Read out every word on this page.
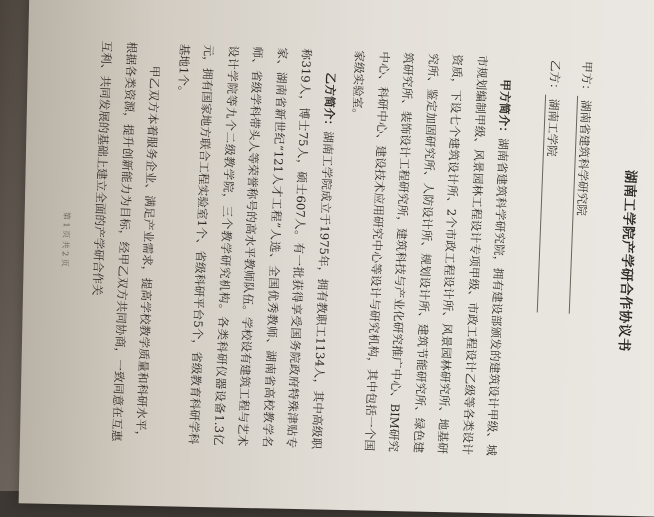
湖南工学院产学研合作协议书
甲方：湖南省建筑科学研究院
乙方：湖南工学院

甲方简介：湖南省建筑科学研究院，拥有建设部颁发的建筑设计甲级、城市规划编制甲级、风景园林工程设计专项甲级、市政工程设计乙级等各类设计资质，下设七个建筑设计所、2个市政工程设计所、风景园林研究所、地基研究所、鉴定加固研究所、人防设计所、规划设计所、建筑节能研究所、绿色建筑研究所、装饰设计工程研究所，建筑科技与产业化研究推广中心、BIM研究中心、科研中心、建设技术应用研究中心等设计与研究机构，其中包括一个国家级实验室。

乙方简介：湖南工学院成立于1975年，拥有教职工1134人，其中高级职称319人，博士75人，硕士607人。有一批获得享受国务院政府特殊津贴专家、湖南省新世纪“121人才工程”人选、全国优秀教师、湖南省高校教学名师、省级学科带头人等荣誉称号的高水平教师队伍。学校设有建筑工程与艺术设计学院等九个二级教学院，三个教学研究机构。各类科研仪器设备1.3亿元，拥有国家地方联合工程实验室1个、省级科研平台5个，省级教育科研学科基地1个。

甲乙双方本着服务企业、满足产业需求，提高学校教学质量和科研水平，根据各类资源，提升创新能力为目标，经甲乙双方共同协商，一致同意在互惠互利、共同发展的基础上建立全面的产学研合作关

第 1 页 共 2 页
